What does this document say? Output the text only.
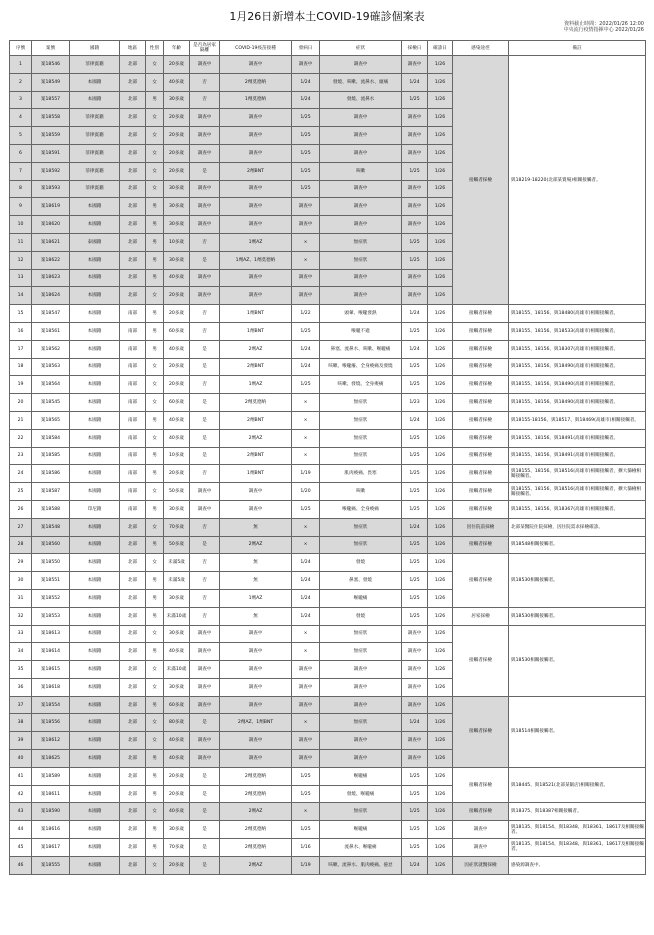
1月26日新增本土COVID-19確診個案表
資料截止時間：2022/01/26 12:00
中央流行疫情指揮中心 2022/01/26
序號	案號	國籍	地區	性別	年齡	是否為居家隔離	COVID-19疫苗接種	發病日	症狀	採檢日	確診日	感染途徑	備註
1	案18546	菲律賓籍	北部	女	20多歲	調查中	調查中	調查中	調查中	調查中	1/26	接觸者採檢	與18219-18220(北部某賣場)相關接觸者。
2	案18549	本國籍	北部	女	40多歲	否	2劑莫德納	1/24	發燒、咳嗽、流鼻水、頭痛	1/24	1/26		
3	案18557	本國籍	北部	男	30多歲	否	1劑莫德納	1/24	發燒、流鼻水	1/25	1/26		
4	案18558	菲律賓籍	北部	女	20多歲	調查中	調查中	1/25	調查中	調查中	1/26		
5	案18559	菲律賓籍	北部	女	20多歲	調查中	調查中	1/25	調查中	調查中	1/26		
6	案18591	菲律賓籍	北部	女	20多歲	調查中	調查中	1/25	調查中	調查中	1/26		
7	案18592	菲律賓籍	北部	女	20多歲	是	2劑BNT	1/25	咳嗽	1/25	1/26		
8	案18593	菲律賓籍	北部	女	30多歲	調查中	調查中	1/25	調查中	調查中	1/26		
9	案18619	本國籍	北部	男	30多歲	調查中	調查中	調查中	調查中	調查中	1/26		
10	案18620	本國籍	北部	男	30多歲	調查中	調查中	調查中	調查中	調查中	1/26		
11	案18621	泰國籍	北部	男	10多歲	否	1劑AZ	×	無症狀	1/25	1/26		
12	案18622	本國籍	北部	男	30多歲	是	1劑AZ、1劑莫德納	×	無症狀	1/25	1/26		
13	案18623	本國籍	北部	男	40多歲	調查中	調查中	調查中	調查中	調查中	1/26		
14	案18624	本國籍	北部	女	20多歲	調查中	調查中	調查中	調查中	調查中	1/26		
15	案18547	本國籍	南部	男	20多歲	否	1劑BNT	1/22	頭暈、喉嚨發熱	1/24	1/26	接觸者採檢	與18155、18156、與18480(高雄市)相關接觸者。
16	案18561	本國籍	南部	男	60多歲	否	1劑BNT	1/25	喉嚨不適	1/25	1/26	接觸者採檢	與18155、18156、與18533(高雄市)相關接觸者。
17	案18562	本國籍	南部	男	40多歲	是	2劑AZ	1/24	鼻塞、流鼻水、咳嗽、喉嚨痛	1/24	1/26	接觸者採檢	與18155、18156、與18307(高雄市)相關接觸者。
18	案18563	本國籍	南部	女	20多歲	是	2劑BNT	1/24	咳嗽、喉嚨癢、全身痠痛及發燒	1/25	1/26	接觸者採檢	與18155、18156、與18490(高雄市)相關接觸者。
19	案18564	本國籍	南部	女	20多歲	否	1劑AZ	1/25	咳嗽、發燒、全身痠痛	1/25	1/26	接觸者採檢	與18155、18156、與18490(高雄市)相關接觸者。
20	案18545	本國籍	南部	女	60多歲	是	2劑莫德納	×	無症狀	1/23	1/26	接觸者採檢	與18155、18156、與18490(高雄市)相關接觸者。
21	案18565	本國籍	南部	男	40多歲	是	2劑BNT	×	無症狀	1/24	1/26	接觸者採檢	與18155-18156、與18517、與18469(高雄市)相關接觸者。
22	案18584	本國籍	南部	女	40多歲	是	2劑AZ	×	無症狀	1/25	1/26	接觸者採檢	與18155、18156、與18491(高雄市)相關接觸者。
23	案18585	本國籍	南部	男	10多歲	是	2劑BNT	×	無症狀	1/25	1/26	接觸者採檢	與18155、18156、與18491(高雄市)相關接觸者。
24	案18586	本國籍	南部	男	20多歲	否	1劑BNT	1/19	肌肉痠痛、畏寒	1/25	1/26	接觸者採檢	與18155、18156、與18516(高雄市)相關接觸者，擴大篩檢相關接觸者。
25	案18587	本國籍	南部	女	50多歲	調查中	調查中	1/20	咳嗽	1/25	1/26	接觸者採檢	與18155、18156、與18516(高雄市)相關接觸者，擴大篩檢相關接觸者。
26	案18588	印尼籍	南部	男	30多歲	調查中	調查中	1/25	喉嚨痛、全身痠痛	1/25	1/26	接觸者採檢	與18155、18156、與18367(高雄市)相關接觸者。
27	案18548	本國籍	北部	女	70多歲	否	無	×	無症狀	1/24	1/26	因住院前採檢	北部某醫院住院採檢，因住院需求採檢確診。
28	案18560	本國籍	北部	男	50多歲	是	2劑AZ	×	無症狀	1/25	1/26	接觸者採檢	與18548相關接觸者。
29	案18550	本國籍	北部	女	未滿5歲	否	無	1/24	發燒	1/25	1/26	接觸者採檢	與18530相關接觸者。
30	案18551	本國籍	北部	男	未滿5歲	否	無	1/24	鼻塞、發燒	1/25	1/26		
31	案18552	本國籍	北部	男	30多歲	否	1劑AZ	1/24	喉嚨痛	1/25	1/26		
32	案18553	本國籍	北部	男	未滿10歲	否	無	1/24	發燒	1/25	1/26	居家採檢	與18530相關接觸者。
33	案18613	本國籍	北部	女	30多歲	調查中	調查中	×	無症狀	調查中	1/26	接觸者採檢	與18530相關接觸者。
34	案18614	本國籍	北部	男	40多歲	調查中	調查中	×	無症狀	調查中	1/26		
35	案18615	本國籍	北部	女	未滿10歲	調查中	調查中	調查中	調查中	調查中	1/26		
36	案18618	本國籍	北部	女	30多歲	調查中	調查中	調查中	調查中	調查中	1/26		
37	案18554	本國籍	北部	男	60多歲	調查中	調查中	調查中	調查中	調查中	1/26	接觸者採檢	與18514相關接觸者。
38	案18556	本國籍	北部	女	80多歲	是	2劑AZ、1劑BNT	×	無症狀	1/24	1/26		
39	案18612	本國籍	北部	女	40多歲	調查中	調查中	調查中	調查中	調查中	1/26		
40	案18625	本國籍	北部	男	40多歲	調查中	調查中	調查中	調查中	調查中	1/26		
41	案18589	本國籍	北部	男	20多歲	是	2劑莫德納	1/25	喉嚨痛	1/25	1/26	接觸者採檢	與18445、與18521(北部某飯店)相關接觸者。
42	案18611	本國籍	北部	男	20多歲	是	2劑莫德納	1/25	發燒、喉嚨痛	1/25	1/26		
43	案18590	本國籍	北部	女	40多歲	是	2劑AZ	×	無症狀	1/25	1/26	接觸者採檢	與18375、與18387相關接觸者。
44	案18616	本國籍	北部	男	30多歲	是	2劑莫德納	1/25	喉嚨痛	1/25	1/26	調查中	與18135、與18154、與18348、與18361、18617及相關接觸者。
45	案18617	本國籍	北部	男	70多歲	是	2劑莫德納	1/16	流鼻水、喉嚨痛	1/25	1/26	調查中	與18135、與18154、與18348、與18361、18617及相關接觸者。
46	案18555	本國籍	北部	女	20多歲	是	2劑AZ	1/19	咳嗽、流鼻水、肌肉痠痛、倦怠	1/24	1/26	因症狀就醫採檢	感染源調查中。
